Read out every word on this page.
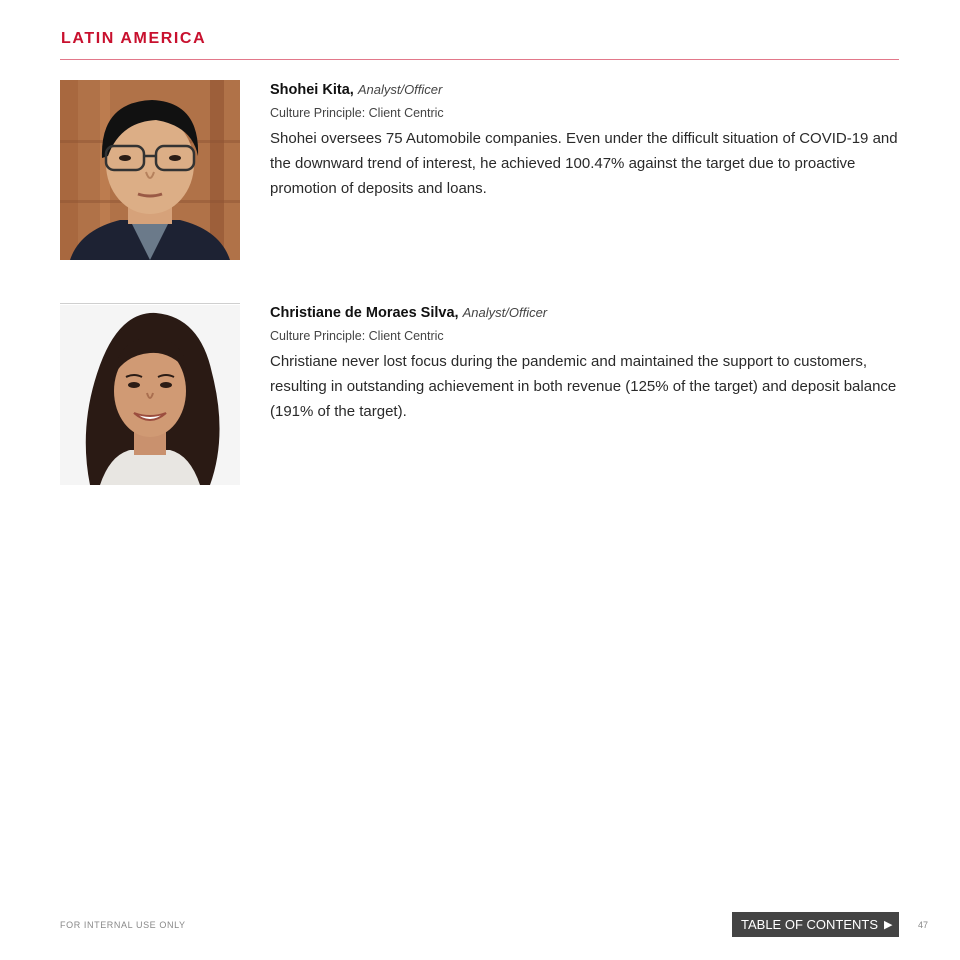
LATIN AMERICA
Shohei Kita, Analyst/Officer
Culture Principle: Client Centric
Shohei oversees 75 Automobile companies. Even under the difficult situation of COVID-19 and the downward trend of interest, he achieved 100.47% against the target due to proactive promotion of deposits and loans.
Christiane de Moraes Silva, Analyst/Officer
Culture Principle: Client Centric
Christiane never lost focus during the pandemic and maintained the support to customers, resulting in outstanding achievement in both revenue (125% of the target) and deposit balance (191% of the target).
FOR INTERNAL USE ONLY	TABLE OF CONTENTS ▶	47
